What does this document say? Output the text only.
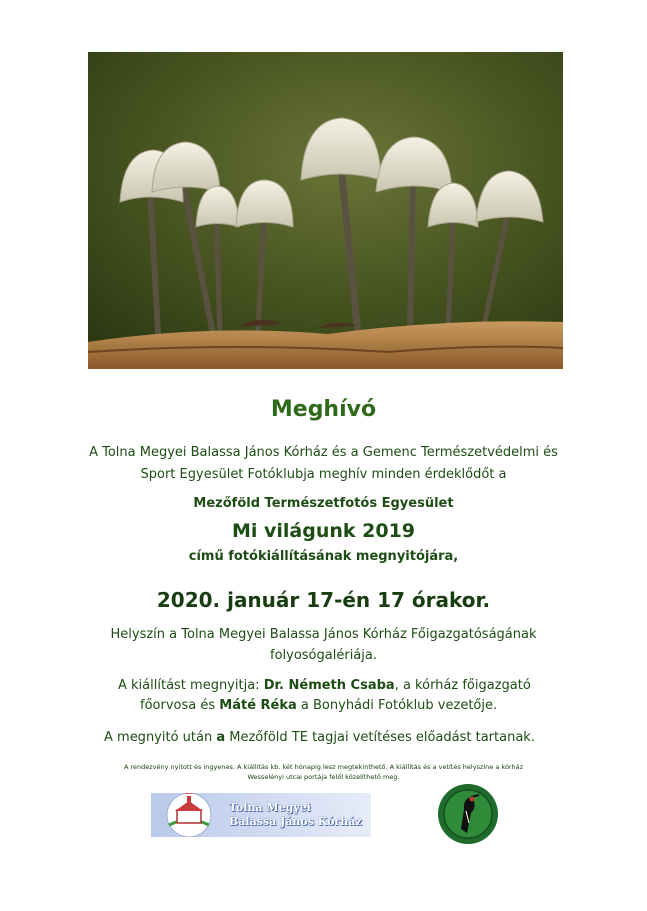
Meghívó
A Tolna Megyei Balassa János Kórház és a Gemenc Természetvédelmi és
Sport Egyesület Fotóklubja meghív minden érdeklődőt a
Mezőföld Természetfotós Egyesület
Mi világunk 2019
című fotókiállításának megnyitójára,
2020. január 17-én 17 órakor.
Helyszín a Tolna Megyei Balassa János Kórház Főigazgatóságának
folyosógalériája.
A kiállítást megnyitja: Dr. Németh Csaba, a kórház főigazgató
főorvosa és Máté Réka a Bonyhádi Fotóklub vezetője.
A megnyitó után a Mezőföld TE tagjai vetítéses előadást tartanak.
A rendezvény nyitott és ingyenes. A kiállítás kb. két hónapig lesz megtekinthető. A kiállítás és a vetítés helyszíne a kórház
Wesselényi utcai portája felől közelíthető meg.
Tolna Megyei
Balassa János Kórház
